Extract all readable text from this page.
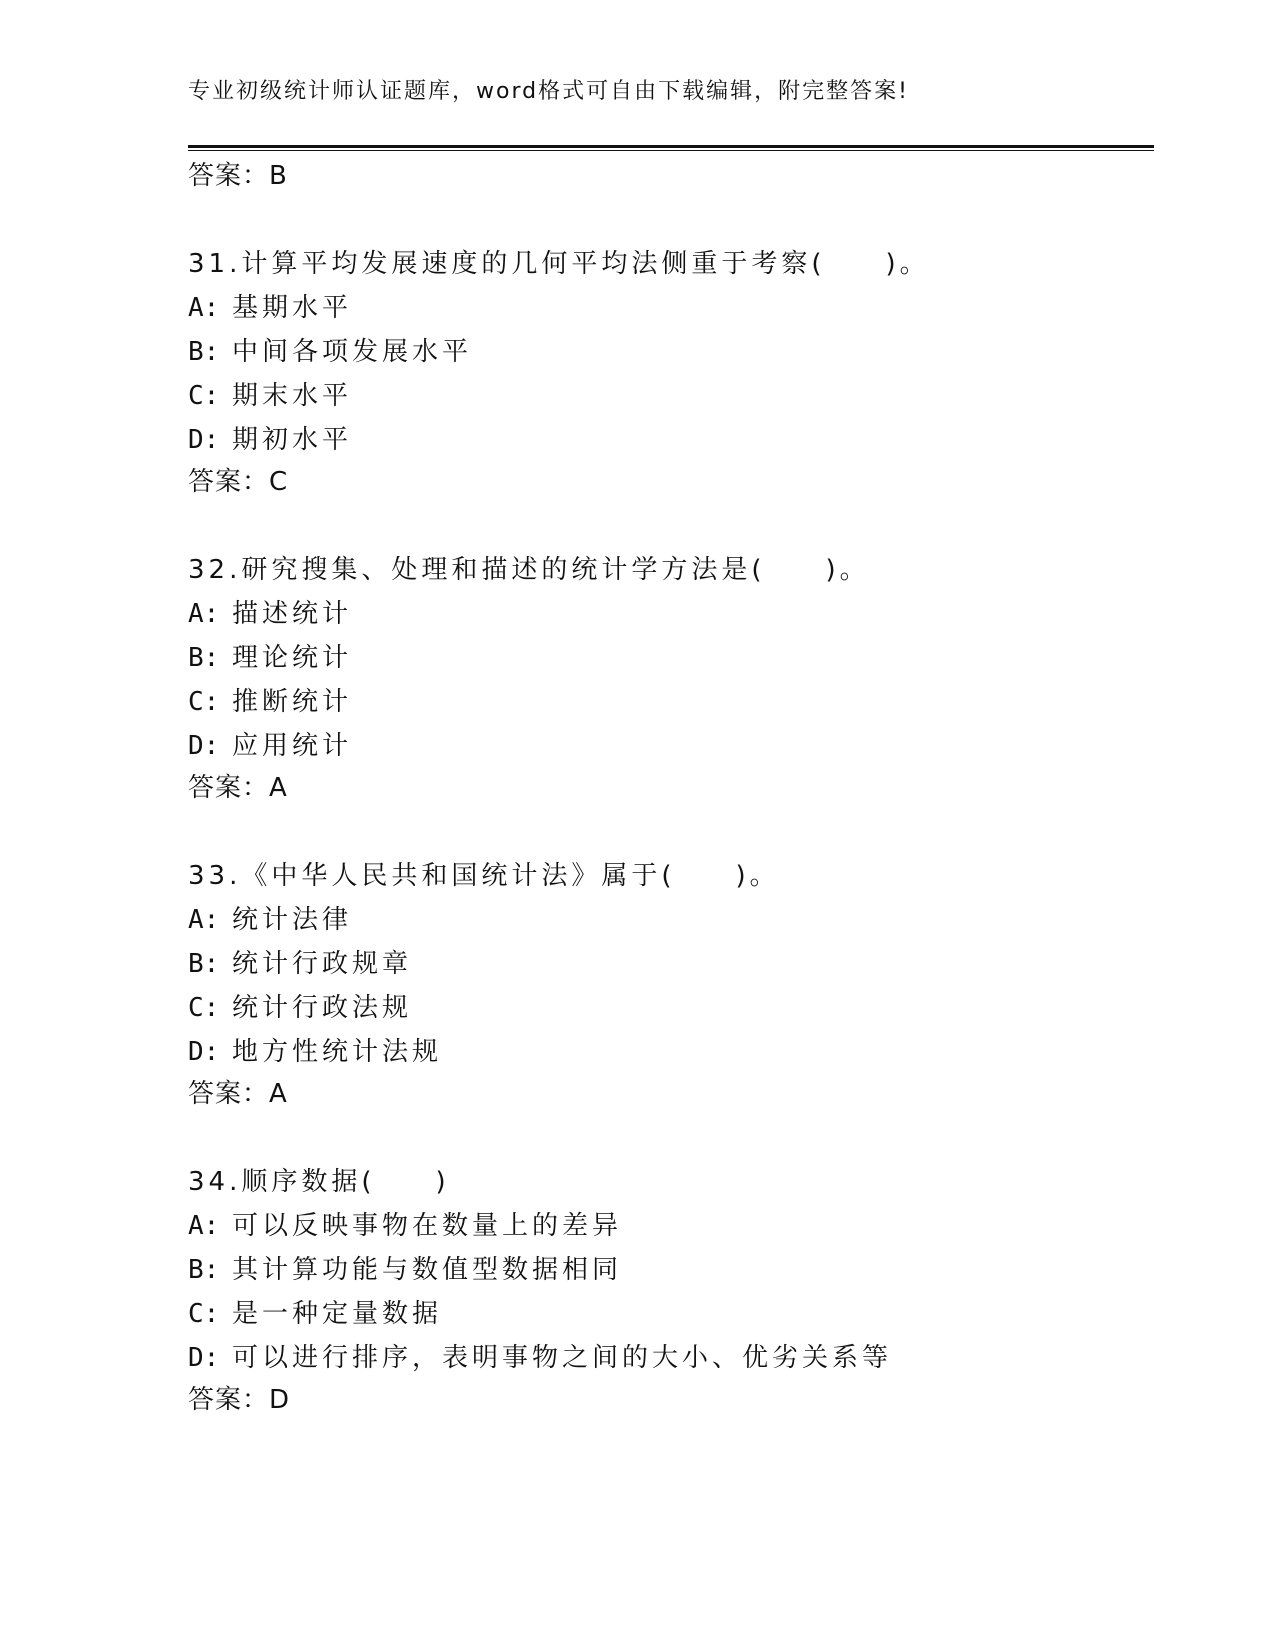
专业初级统计师认证题库，word格式可自由下载编辑，附完整答案!
答案：B
31.计算平均发展速度的几何平均法侧重于考察(　　)。
A: 基期水平
B: 中间各项发展水平
C: 期末水平
D: 期初水平
答案：C
32.研究搜集、处理和描述的统计学方法是(　　)。
A: 描述统计
B: 理论统计
C: 推断统计
D: 应用统计
答案：A
33.《中华人民共和国统计法》属于(　　)。
A: 统计法律
B: 统计行政规章
C: 统计行政法规
D: 地方性统计法规
答案：A
34.顺序数据(　　)
A: 可以反映事物在数量上的差异
B: 其计算功能与数值型数据相同
C: 是一种定量数据
D: 可以进行排序，表明事物之间的大小、优劣关系等
答案：D
